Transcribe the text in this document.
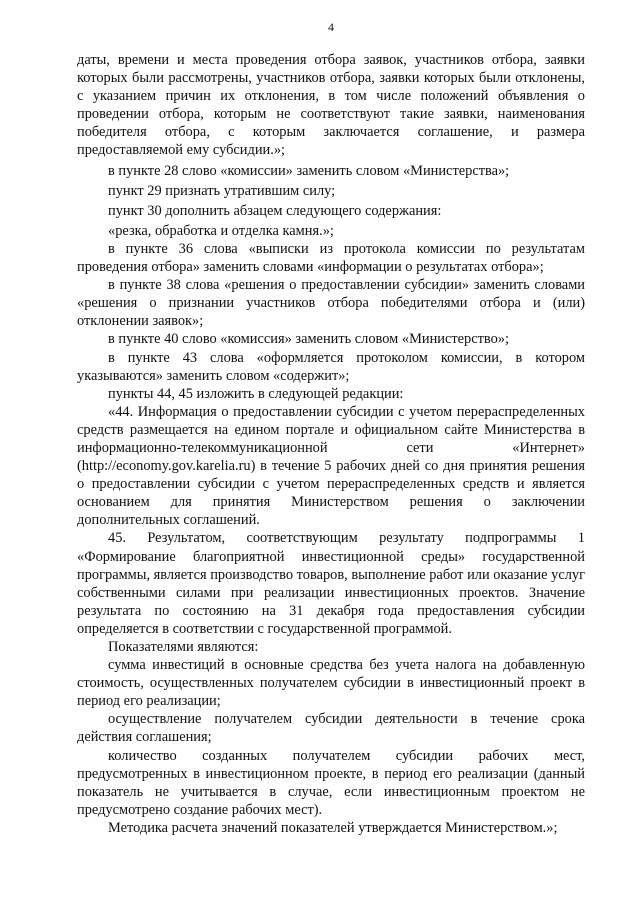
4

даты, времени и места проведения отбора заявок, участников отбора, заявки которых были рассмотрены, участников отбора, заявки которых были отклонены, с указанием причин их отклонения, в том числе положений объявления о проведении отбора, которым не соответствуют такие заявки, наименования победителя отбора, с которым заключается соглашение, и размера предоставляемой ему субсидии.»;

в пункте 28 слово «комиссии» заменить словом «Министерства»;

пункт 29 признать утратившим силу;

пункт 30 дополнить абзацем следующего содержания:

«резка, обработка и отделка камня.»;

в пункте 36 слова «выписки из протокола комиссии по результатам проведения отбора» заменить словами «информации о результатах отбора»;

в пункте 38 слова «решения о предоставлении субсидии» заменить словами «решения о признании участников отбора победителями отбора и (или) отклонении заявок»;

в пункте 40 слово «комиссия» заменить словом «Министерство»;

в пункте 43 слова «оформляется протоколом комиссии, в котором указываются» заменить словом «содержит»;

пункты 44, 45 изложить в следующей редакции:

«44. Информация о предоставлении субсидии с учетом перераспределенных средств размещается на едином портале и официальном сайте Министерства в информационно-телекоммуникационной сети «Интернет» (http://economy.gov.karelia.ru) в течение 5 рабочих дней со дня принятия решения о предоставлении субсидии с учетом перераспределенных средств и является основанием для принятия Министерством решения о заключении дополнительных соглашений.

45. Результатом, соответствующим результату подпрограммы 1 «Формирование благоприятной инвестиционной среды» государственной программы, является производство товаров, выполнение работ или оказание услуг собственными силами при реализации инвестиционных проектов. Значение результата по состоянию на 31 декабря года предоставления субсидии определяется в соответствии с государственной программой.

Показателями являются:

сумма инвестиций в основные средства без учета налога на добавленную стоимость, осуществленных получателем субсидии в инвестиционный проект в период его реализации;

осуществление получателем субсидии деятельности в течение срока действия соглашения;

количество созданных получателем субсидии рабочих мест, предусмотренных в инвестиционном проекте, в период его реализации (данный показатель не учитывается в случае, если инвестиционным проектом не предусмотрено создание рабочих мест).

Методика расчета значений показателей утверждается Министерством.»;
